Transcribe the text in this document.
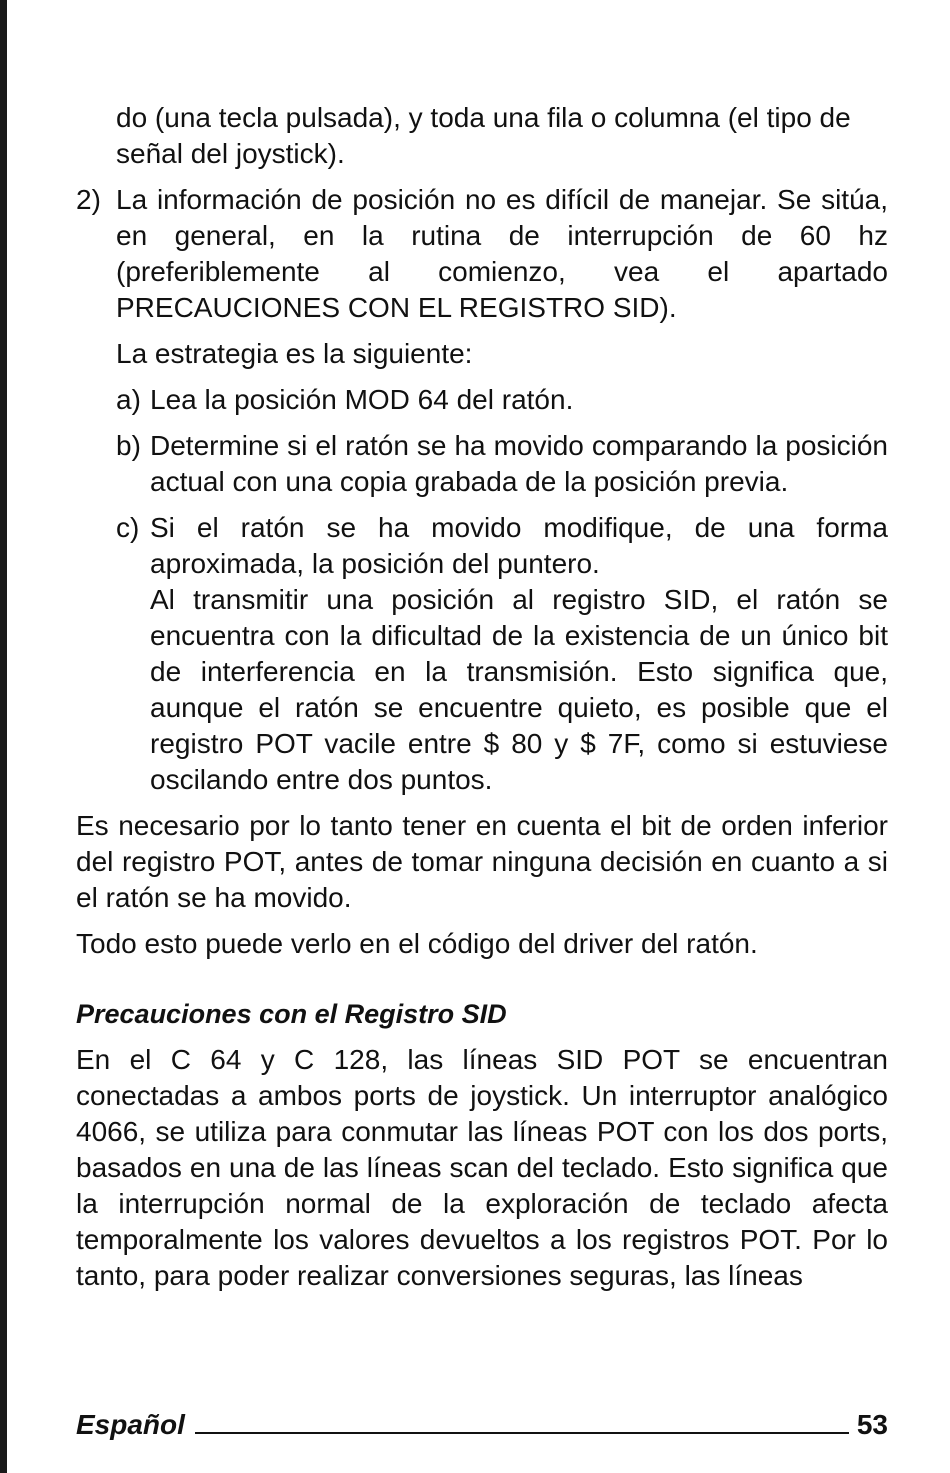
do (una tecla pulsada), y toda una fila o columna (el tipo de señal del joystick).

2) La información de posición no es difícil de manejar. Se sitúa, en general, en la rutina de interrupción de 60 hz (preferiblemente al comienzo, vea el apartado PRECAUCIONES CON EL REGISTRO SID).

La estrategia es la siguiente:

a) Lea la posición MOD 64 del ratón.
b) Determine si el ratón se ha movido comparando la posición actual con una copia grabada de la posición previa.
c) Si el ratón se ha movido modifique, de una forma aproximada, la posición del puntero.

Al transmitir una posición al registro SID, el ratón se encuentra con la dificultad de la existencia de un único bit de interferencia en la transmisión. Esto significa que, aunque el ratón se encuentre quieto, es posible que el registro POT vacile entre $ 80 y $ 7F, como si estuviese oscilando entre dos puntos.

Es necesario por lo tanto tener en cuenta el bit de orden inferior del registro POT, antes de tomar ninguna decisión en cuanto a si el ratón se ha movido.

Todo esto puede verlo en el código del driver del ratón.

Precauciones con el Registro SID

En el C 64 y C 128, las líneas SID POT se encuentran conectadas a ambos ports de joystick. Un interruptor analógico 4066, se utiliza para conmutar las líneas POT con los dos ports, basados en una de las líneas scan del teclado. Esto significa que la interrupción normal de la exploración de teclado afecta temporalmente los valores devueltos a los registros POT. Por lo tanto, para poder realizar conversiones seguras, las líneas

Español	53
